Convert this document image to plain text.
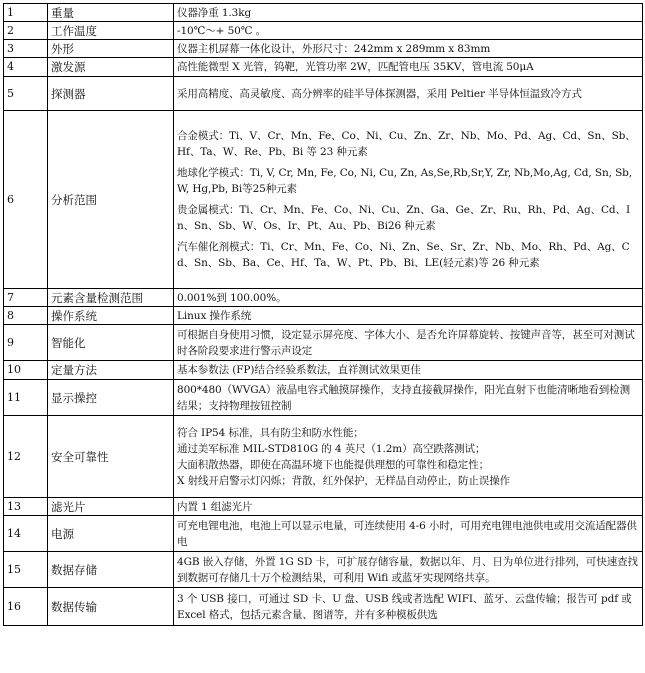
1	重量	仪器净重 1.3kg

2	工作温度	-10℃～+ 50℃ 。

3	外形	仪器主机屏幕一体化设计，外形尺寸：242mm x 289mm x 83mm

4	激发源	高性能微型 X 光管，钨靶，光管功率 2W，匹配管电压 35KV，管电流 50μA

5	探测器	采用高精度、高灵敏度、高分辨率的硅半导体探测器，采用 Peltier 半导体恒温致冷方式

6	分析范围	合金模式：Ti、V、Cr、Mn、Fe、Co、Ni、Cu、Zn、Zr、Nb、Mo、Pd、Ag、Cd、Sn、Sb、Hf、Ta、W、Re、Pb、Bi 等 23 种元素
地球化学模式：Ti, V, Cr, Mn, Fe, Co, Ni, Cu, Zn, As,Se,Rb,Sr,Y, Zr, Nb,Mo,Ag, Cd, Sn, Sb, W, Hg,Pb, Bi等25种元素
贵金属模式：Ti、Cr、Mn、Fe、Co、Ni、Cu、Zn、Ga、Ge、Zr、Ru、Rh、Pd、Ag、Cd、In、Sn、Sb、W、Os、Ir、Pt、Au、Pb、Bi26 种元素
汽车催化剂模式：Ti、Cr、Mn、Fe、Co、Ni、Zn、Se、Sr、Zr、Nb、Mo、Rh、Pd、Ag、Cd、Sn、Sb、Ba、Ce、Hf、Ta、W、Pt、Pb、Bi、LE(轻元素)等 26 种元素

7	元素含量检测范围	0.001%到 100.00%。

8	操作系统	Linux 操作系统

9	智能化	可根据自身使用习惯，设定显示屏亮度、字体大小、是否允许屏幕旋转、按键声音等，甚至可对测试时各阶段要求进行警示声设定

10	定量方法	基本参数法 (FP)结合经验系数法，直祥测试效果更佳

11	显示操控	800*480（WVGA）液晶电容式触摸屏操作，支持直接截屏操作，阳光直射下也能清晰地看到检测结果；支持物理按钮控制

12	安全可靠性	符合 IP54 标准，具有防尘和防水性能；
通过美军标准 MIL-STD810G 的 4 英尺（1.2m）高空跌落测试；
大面积散热器，即使在高温环境下也能提供理想的可靠性和稳定性；
X 射线开启警示灯闪烁；背散，红外保护，无样品自动停止，防止误操作

13	滤光片	内置 1 组滤光片

14	电源	可充电锂电池，电池上可以显示电量，可连续使用 4-6 小时，可用充电锂电池供电或用交流适配器供电

15	数据存储	4GB 嵌入存储，外置 1G SD 卡，可扩展存储容量，数据以年、月、日为单位进行排列，可快速查找到数据可存储几十万个检测结果，可利用 Wifi 或蓝牙实现网络共享。

16	数据传输	3 个 USB 接口，可通过 SD 卡、U 盘、USB 线或者选配 WIFI、蓝牙、云盘传输；报告可 pdf 或 Excel 格式，包括元素含量、图谱等，并有多种模板供选
